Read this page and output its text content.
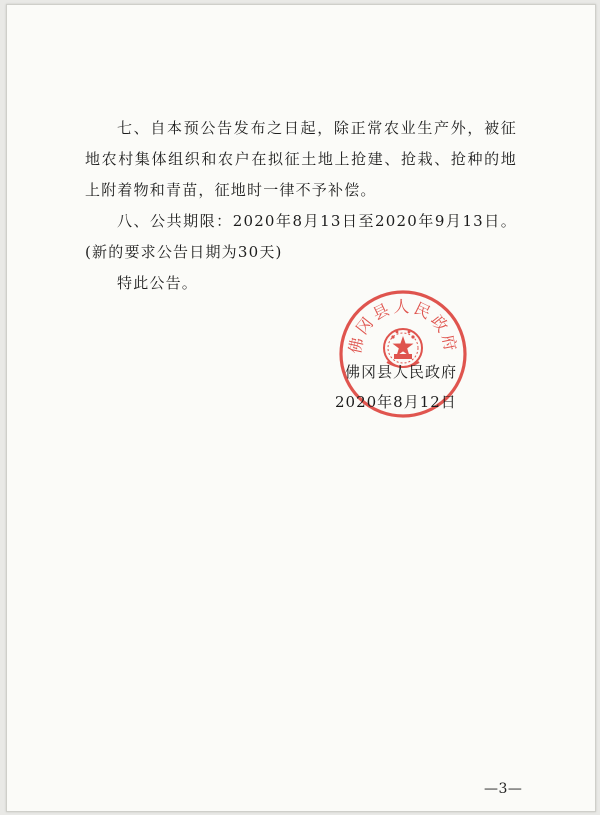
七、自本预公告发布之日起，除正常农业生产外，被征地农村集体组织和农户在拟征土地上抢建、抢栽、抢种的地上附着物和青苗，征地时一律不予补偿。

八、公共期限：2020年8月13日至2020年9月13日。(新的要求公告日期为30天)

特此公告。

佛冈县人民政府

佛冈县人民政府
2020年8月12日

—3—
